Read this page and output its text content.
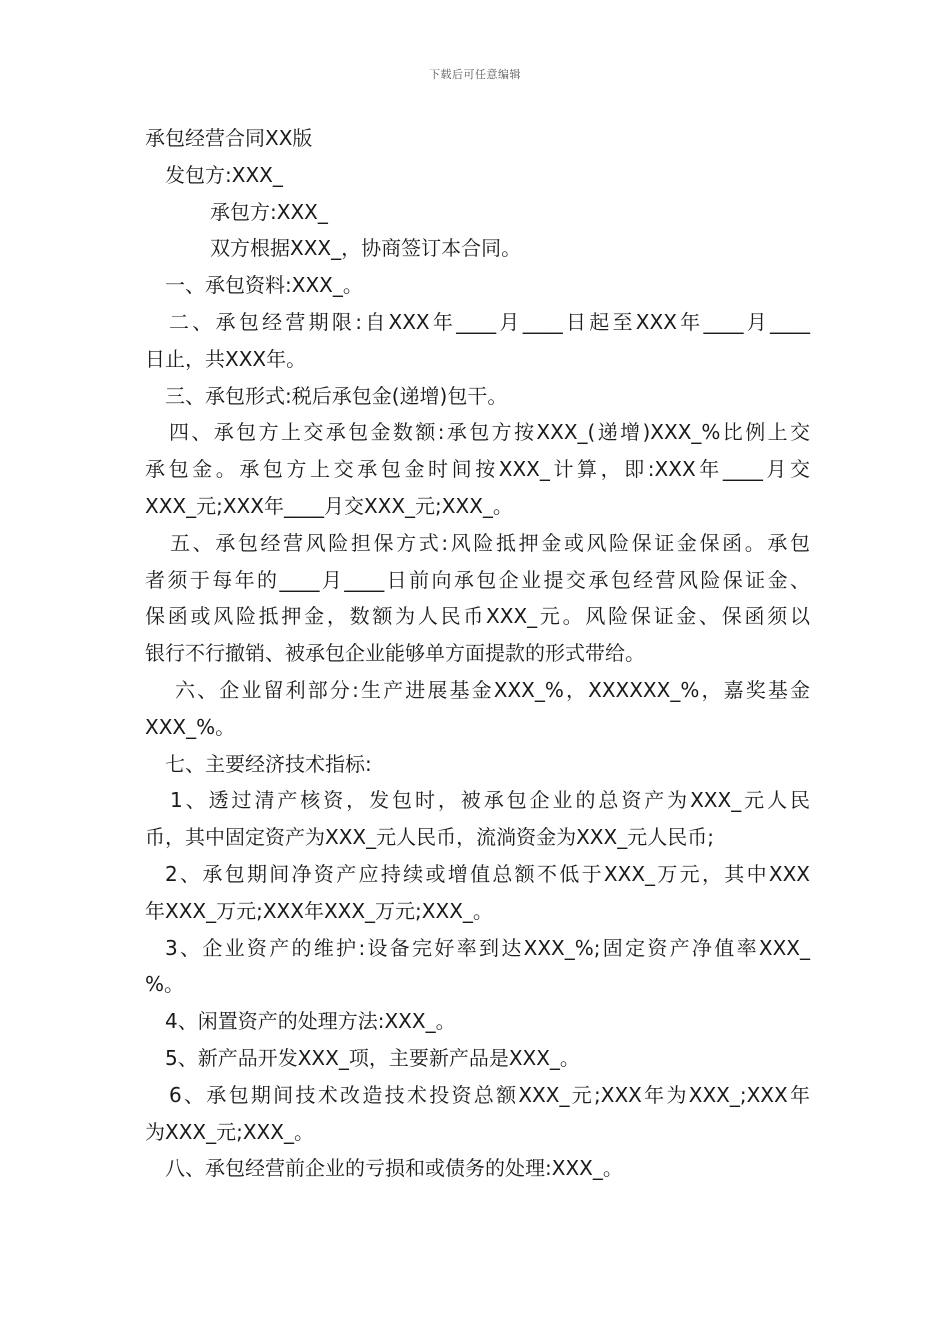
下载后可任意编辑
承包经营合同XX版
发包方:XXX_
承包方:XXX_
双方根据XXX_，协商签订本合同。
一、承包资料:XXX_。
二、承包经营期限:自XXX年____月____日起至XXX年____月____
日止，共XXX年。
三、承包形式:税后承包金(递增)包干。
四、承包方上交承包金数额:承包方按XXX_(递增)XXX_%比例上交
承包金。承包方上交承包金时间按XXX_计算，即:XXX年____月交
XXX_元;XXX年____月交XXX_元;XXX_。
五、承包经营风险担保方式:风险抵押金或风险保证金保函。承包
者须于每年的____月____日前向承包企业提交承包经营风险保证金、
保函或风险抵押金，数额为人民币XXX_元。风险保证金、保函须以
银行不行撤销、被承包企业能够单方面提款的形式带给。
六、企业留利部分:生产进展基金XXX_%，XXXXXX_%，嘉奖基金
XXX_%。
七、主要经济技术指标:
1、透过清产核资，发包时，被承包企业的总资产为XXX_元人民
币，其中固定资产为XXX_元人民币，流淌资金为XXX_元人民币;
2、承包期间净资产应持续或增值总额不低于XXX_万元，其中XXX
年XXX_万元;XXX年XXX_万元;XXX_。
3、企业资产的维护:设备完好率到达XXX_%;固定资产净值率XXX_
%。
4、闲置资产的处理方法:XXX_。
5、新产品开发XXX_项，主要新产品是XXX_。
6、承包期间技术改造技术投资总额XXX_元;XXX年为XXX_;XXX年
为XXX_元;XXX_。
八、承包经营前企业的亏损和或债务的处理:XXX_。
